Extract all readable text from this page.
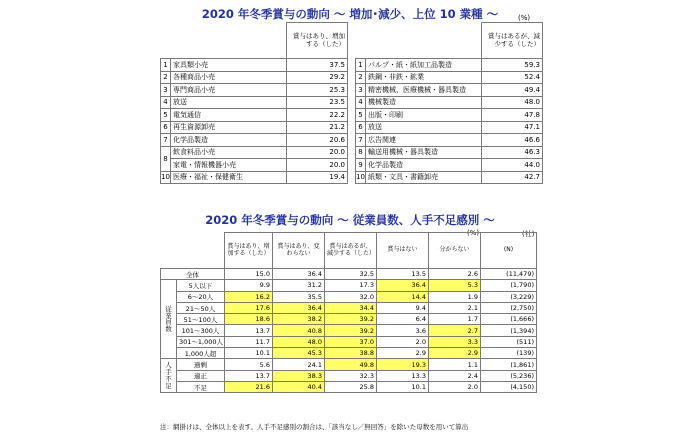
2020 年冬季賞与の動向 ～ 増加･減少、上位 10 業種 ～	(%)
		賞与はあり、増加する（した）				賞与はあるが、減少する（した）
1	家具類小売	37.5		1	パルプ・紙・紙加工品製造	59.3
2	各種商品小売	29.2		2	鉄鋼・非鉄・鉱業	52.4
3	専門商品小売	25.3		3	精密機械、医療機械・器具製造	49.4
4	放送	23.5		4	機械製造	48.0
5	電気通信	22.2		5	出版・印刷	47.8
6	再生資源卸売	21.2		6	放送	47.1
7	化学品製造	20.6		7	広告関連	46.6
8	飲食料品小売	20.0		8	輸送用機械・器具製造	46.3
	家電・情報機器小売	20.0		9	化学品製造	44.0
10	医療・福祉・保健衛生	19.4		10	紙類・文具・書籍卸売	42.7
2020 年冬季賞与の動向 ～ 従業員数、人手不足感別 ～
(%)	(社)
		賞与はあり、増加する（した）	賞与はあり、変わらない	賞与はあるが、減少する（した）	賞与はない	分からない	(N)
全体		15.0	36.4	32.5	13.5	2.6	(11,479)
従業員数	5人以下	9.9	31.2	17.3	36.4	5.3	(1,790)
	6～20人	16.2	35.5	32.0	14.4	1.9	(3,229)
	21～50人	17.6	36.4	34.4	9.4	2.1	(2,750)
	51～100人	18.6	38.2	39.2	6.4	1.7	(1,666)
	101～300人	13.7	40.8	39.2	3.6	2.7	(1,394)
	301～1,000人	11.7	48.0	37.0	2.0	3.3	(511)
	1,000人超	10.1	45.3	38.8	2.9	2.9	(139)
人手不足	過剰	5.6	24.1	49.8	19.3	1.1	(1,861)
	適正	13.7	38.3	32.3	13.3	2.4	(5,236)
	不足	21.6	40.4	25.8	10.1	2.0	(4,150)
注：網掛けは、全体以上を表す。人手不足感別の割合は、「該当なし／無回答」を除いた母数を用いて算出
